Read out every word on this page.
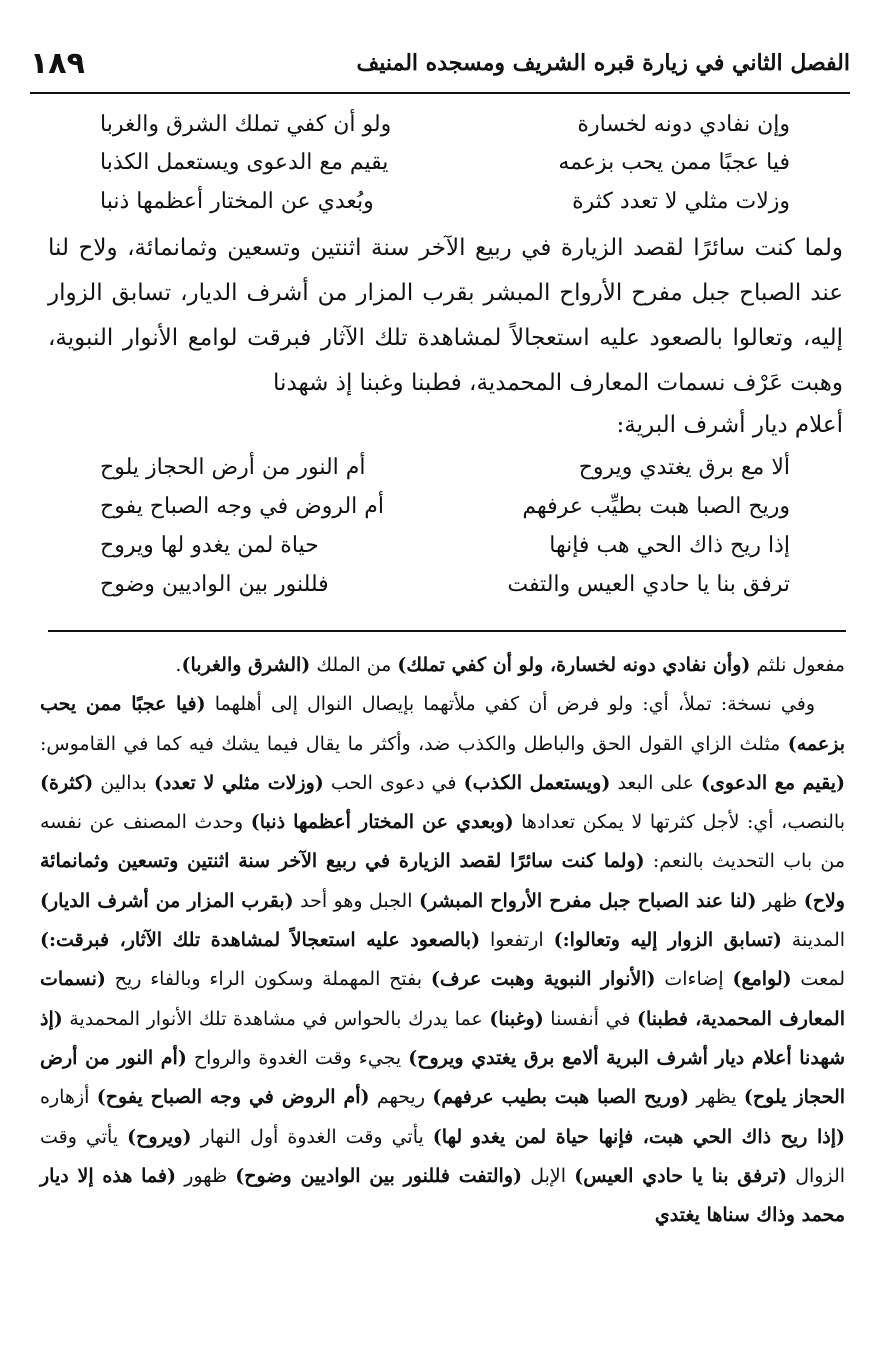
١٨٩	الفصل الثاني في زيارة قبره الشريف ومسجده المنيف
وإن نفادي دونه لخسارة
ولو أن كفي تملك الشرق والغربا
فيا عجبًا ممن يحب بزعمه
يقيم مع الدعوى ويستعمل الكذبا
وزلات مثلي لا تعدد كثرة
وبُعدي عن المختار أعظمها ذنبا
ولما كنت سائرًا لقصد الزيارة في ربيع الآخر سنة اثنتين وتسعين وثمانمائة، ولاح لنا عند الصباح جبل مفرح الأرواح المبشر بقرب المزار من أشرف الديار، تسابق الزوار إليه، وتعالوا بالصعود عليه استعجالاً لمشاهدة تلك الآثار فبرقت لوامع الأنوار النبوية، وهبت عَرْف نسمات المعارف المحمدية، فطبنا وغبنا إذ شهدنا
أعلام ديار أشرف البرية:
ألا مع برق يغتدي ويروح
أم النور من أرض الحجاز يلوح
وريح الصبا هبت بطيِّب عرفهم
أم الروض في وجه الصباح يفوح
إذا ريح ذاك الحي هب فإنها
حياة لمن يغدو لها ويروح
ترفق بنا يا حادي العيس والتفت
فللنور بين الواديين وضوح
مفعول نلثم (وأن نفادي دونه لخسارة، ولو أن كفي تملك) من الملك (الشرق والغربا).
وفي نسخة: تملأ، أي: ولو فرض أن كفي ملأتهما بإيصال النوال إلى أهلهما (فيا عجبًا ممن يحب بزعمه) مثلث الزاي القول الحق والباطل والكذب ضد، وأكثر ما يقال فيما يشك فيه كما في القاموس: (يقيم مع الدعوى) على البعد (ويستعمل الكذب) في دعوى الحب (وزلات مثلي لا تعدد) بدالين (كثرة) بالنصب، أي: لأجل كثرتها لا يمكن تعدادها (وبعدي عن المختار أعظمها ذنبا) وحدث المصنف عن نفسه من باب التحديث بالنعم: (ولما كنت سائرًا لقصد الزيارة في ربيع الآخر سنة اثنتين وتسعين وثمانمائة ولاح) ظهر (لنا عند الصباح جبل مفرح الأرواح المبشر) الجبل وهو أحد (بقرب المزار من أشرف الديار) المدينة (تسابق الزوار إليه وتعالوا:) ارتفعوا (بالصعود عليه استعجالاً لمشاهدة تلك الآثار، فبرقت:) لمعت (لوامع) إضاءات (الأنوار النبوية وهبت عرف) بفتح المهملة وسكون الراء وبالفاء ريح (نسمات المعارف المحمدية، فطبنا) في أنفسنا (وغبنا) عما يدرك بالحواس في مشاهدة تلك الأنوار المحمدية (إذ شهدنا أعلام ديار أشرف البرية ألامع برق يغتدي ويروح) يجيء وقت الغدوة والرواح (أم النور من أرض الحجاز يلوح) يظهر (وريح الصبا هبت بطيب عرفهم) ريحهم (أم الروض في وجه الصباح يفوح) أزهاره (إذا ريح ذاك الحي هبت، فإنها حياة لمن يغدو لها) يأتي وقت الغدوة أول النهار (ويروح) يأتي وقت الزوال (ترفق بنا يا حادي العيس) الإبل (والتفت فللنور بين الواديين وضوح) ظهور (فما هذه إلا ديار محمد وذاك سناها يغتدي
